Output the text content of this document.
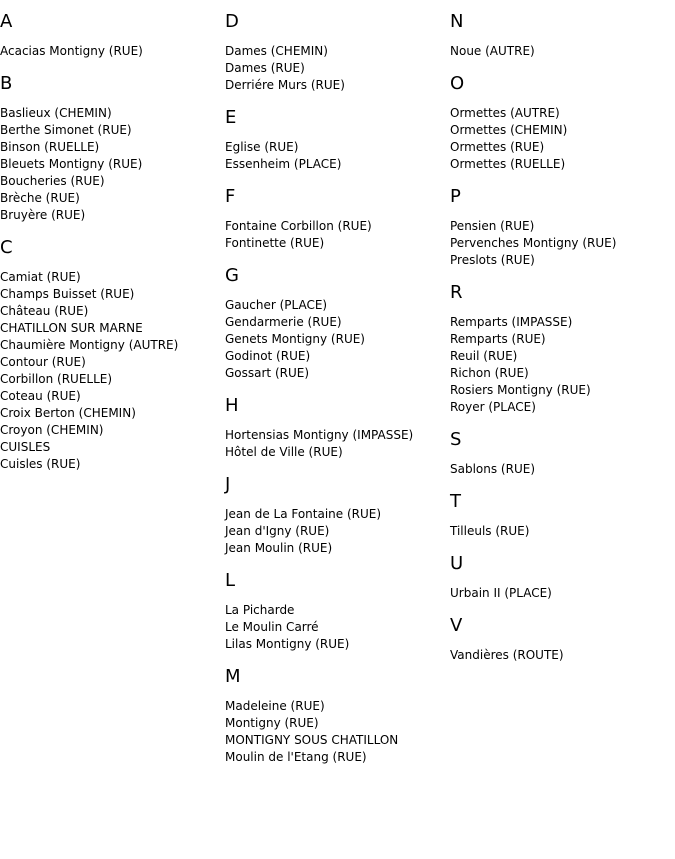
A
Acacias Montigny (RUE)
B
Baslieux (CHEMIN)
Berthe Simonet (RUE)
Binson (RUELLE)
Bleuets Montigny (RUE)
Boucheries (RUE)
Brèche (RUE)
Bruyère (RUE)
C
Camiat (RUE)
Champs Buisset (RUE)
Château (RUE)
CHATILLON SUR MARNE
Chaumière Montigny (AUTRE)
Contour (RUE)
Corbillon (RUELLE)
Coteau (RUE)
Croix Berton (CHEMIN)
Croyon (CHEMIN)
CUISLES
Cuisles (RUE)
D
Dames (CHEMIN)
Dames (RUE)
Derriére Murs (RUE)
E
Eglise (RUE)
Essenheim (PLACE)
F
Fontaine Corbillon (RUE)
Fontinette (RUE)
G
Gaucher (PLACE)
Gendarmerie (RUE)
Genets Montigny (RUE)
Godinot (RUE)
Gossart (RUE)
H
Hortensias Montigny (IMPASSE)
Hôtel de Ville (RUE)
J
Jean de La Fontaine (RUE)
Jean d'Igny (RUE)
Jean Moulin (RUE)
L
La Picharde
Le Moulin Carré
Lilas Montigny (RUE)
M
Madeleine (RUE)
Montigny (RUE)
MONTIGNY SOUS CHATILLON
Moulin de l'Etang (RUE)
N
Noue (AUTRE)
O
Ormettes (AUTRE)
Ormettes (CHEMIN)
Ormettes (RUE)
Ormettes (RUELLE)
P
Pensien (RUE)
Pervenches Montigny (RUE)
Preslots (RUE)
R
Remparts (IMPASSE)
Remparts (RUE)
Reuil (RUE)
Richon (RUE)
Rosiers Montigny (RUE)
Royer (PLACE)
S
Sablons (RUE)
T
Tilleuls (RUE)
U
Urbain II (PLACE)
V
Vandières (ROUTE)
